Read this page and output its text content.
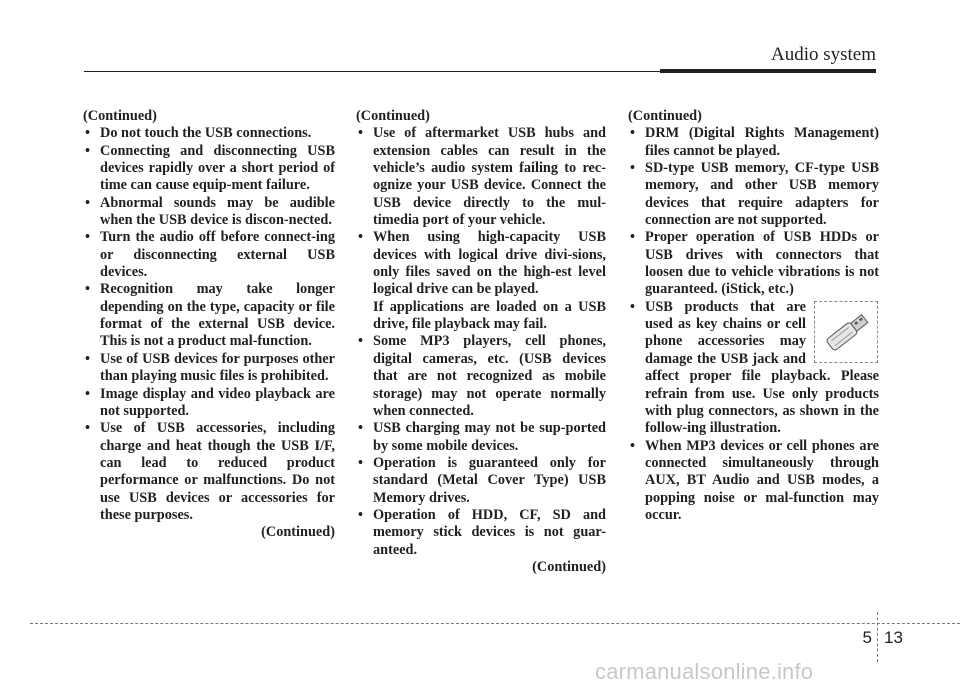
Audio system
(Continued)
• Do not touch the USB connections.
• Connecting and disconnecting USB devices rapidly over a short period of time can cause equip-ment failure.
• Abnormal sounds may be audible when the USB device is discon-nected.
• Turn the audio off before connect-ing or disconnecting external USB devices.
• Recognition may take longer depending on the type, capacity or file format of the external USB device. This is not a product mal-function.
• Use of USB devices for purposes other than playing music files is prohibited.
• Image display and video playback are not supported.
• Use of USB accessories, including charge and heat though the USB I/F, can lead to reduced product performance or malfunctions. Do not use USB devices or accessories for these purposes.
(Continued)
(Continued)
• Use of aftermarket USB hubs and extension cables can result in the vehicle’s audio system failing to rec-ognize your USB device. Connect the USB device directly to the mul-timedia port of your vehicle.
• When using high-capacity USB devices with logical drive divi-sions, only files saved on the high-est level logical drive can be played.
If applications are loaded on a USB drive, file playback may fail.
• Some MP3 players, cell phones, digital cameras, etc. (USB devices that are not recognized as mobile storage) may not operate normally when connected.
• USB charging may not be sup-ported by some mobile devices.
• Operation is guaranteed only for standard (Metal Cover Type) USB Memory drives.
• Operation of HDD, CF, SD and memory stick devices is not guar-anteed.
(Continued)
(Continued)
• DRM (Digital Rights Management) files cannot be played.
• SD-type USB memory, CF-type USB memory, and other USB memory devices that require adapters for connection are not supported.
• Proper operation of USB HDDs or USB drives with connectors that loosen due to vehicle vibrations is not guaranteed. (iStick, etc.)
• USB products that are used as key chains or cell phone accessories may damage the USB jack and affect proper file playback. Please refrain from use. Use only products with plug connectors, as shown in the follow-ing illustration.
• When MP3 devices or cell phones are connected simultaneously through AUX, BT Audio and USB modes, a popping noise or mal-function may occur.
5 13
carmanualsonline.info
